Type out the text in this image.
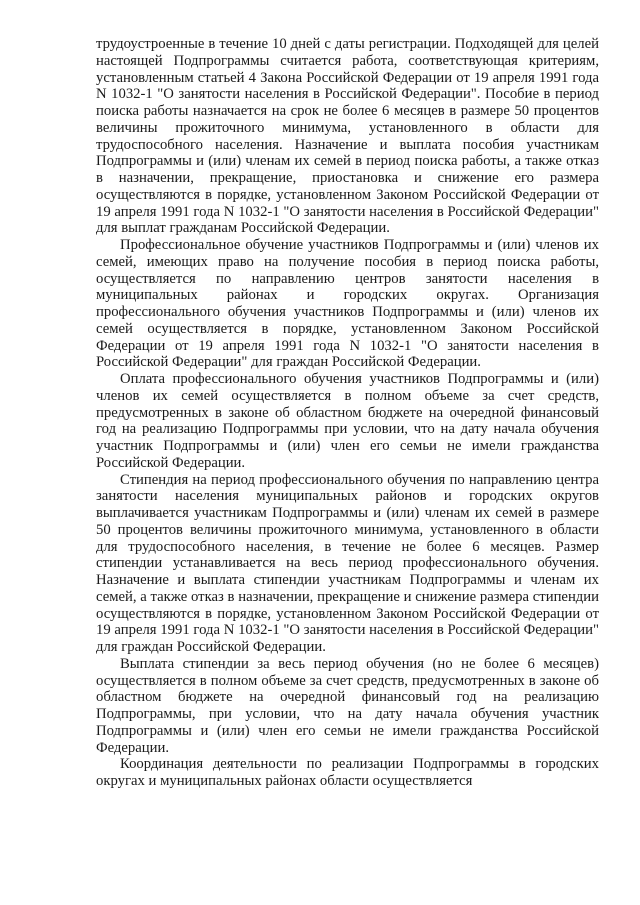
трудоустроенные в течение 10 дней с даты регистрации. Подходящей для целей настоящей Подпрограммы считается работа, соответствующая критериям, установленным статьей 4 Закона Российской Федерации от 19 апреля 1991 года N 1032-1 "О занятости населения в Российской Федерации". Пособие в период поиска работы назначается на срок не более 6 месяцев в размере 50 процентов величины прожиточного минимума, установленного в области для трудоспособного населения. Назначение и выплата пособия участникам Подпрограммы и (или) членам их семей в период поиска работы, а также отказ в назначении, прекращение, приостановка и снижение его размера осуществляются в порядке, установленном Законом Российской Федерации от 19 апреля 1991 года N 1032-1 "О занятости населения в Российской Федерации" для выплат гражданам Российской Федерации.

Профессиональное обучение участников Подпрограммы и (или) членов их семей, имеющих право на получение пособия в период поиска работы, осуществляется по направлению центров занятости населения в муниципальных районах и городских округах. Организация профессионального обучения участников Подпрограммы и (или) членов их семей осуществляется в порядке, установленном Законом Российской Федерации от 19 апреля 1991 года N 1032-1 "О занятости населения в Российской Федерации" для граждан Российской Федерации.

Оплата профессионального обучения участников Подпрограммы и (или) членов их семей осуществляется в полном объеме за счет средств, предусмотренных в законе об областном бюджете на очередной финансовый год на реализацию Подпрограммы при условии, что на дату начала обучения участник Подпрограммы и (или) член его семьи не имели гражданства Российской Федерации.

Стипендия на период профессионального обучения по направлению центра занятости населения муниципальных районов и городских округов выплачивается участникам Подпрограммы и (или) членам их семей в размере 50 процентов величины прожиточного минимума, установленного в области для трудоспособного населения, в течение не более 6 месяцев. Размер стипендии устанавливается на весь период профессионального обучения. Назначение и выплата стипендии участникам Подпрограммы и членам их семей, а также отказ в назначении, прекращение и снижение размера стипендии осуществляются в порядке, установленном Законом Российской Федерации от 19 апреля 1991 года N 1032-1 "О занятости населения в Российской Федерации" для граждан Российской Федерации.

Выплата стипендии за весь период обучения (но не более 6 месяцев) осуществляется в полном объеме за счет средств, предусмотренных в законе об областном бюджете на очередной финансовый год на реализацию Подпрограммы, при условии, что на дату начала обучения участник Подпрограммы и (или) член его семьи не имели гражданства Российской Федерации.

Координация деятельности по реализации Подпрограммы в городских округах и муниципальных районах области осуществляется
